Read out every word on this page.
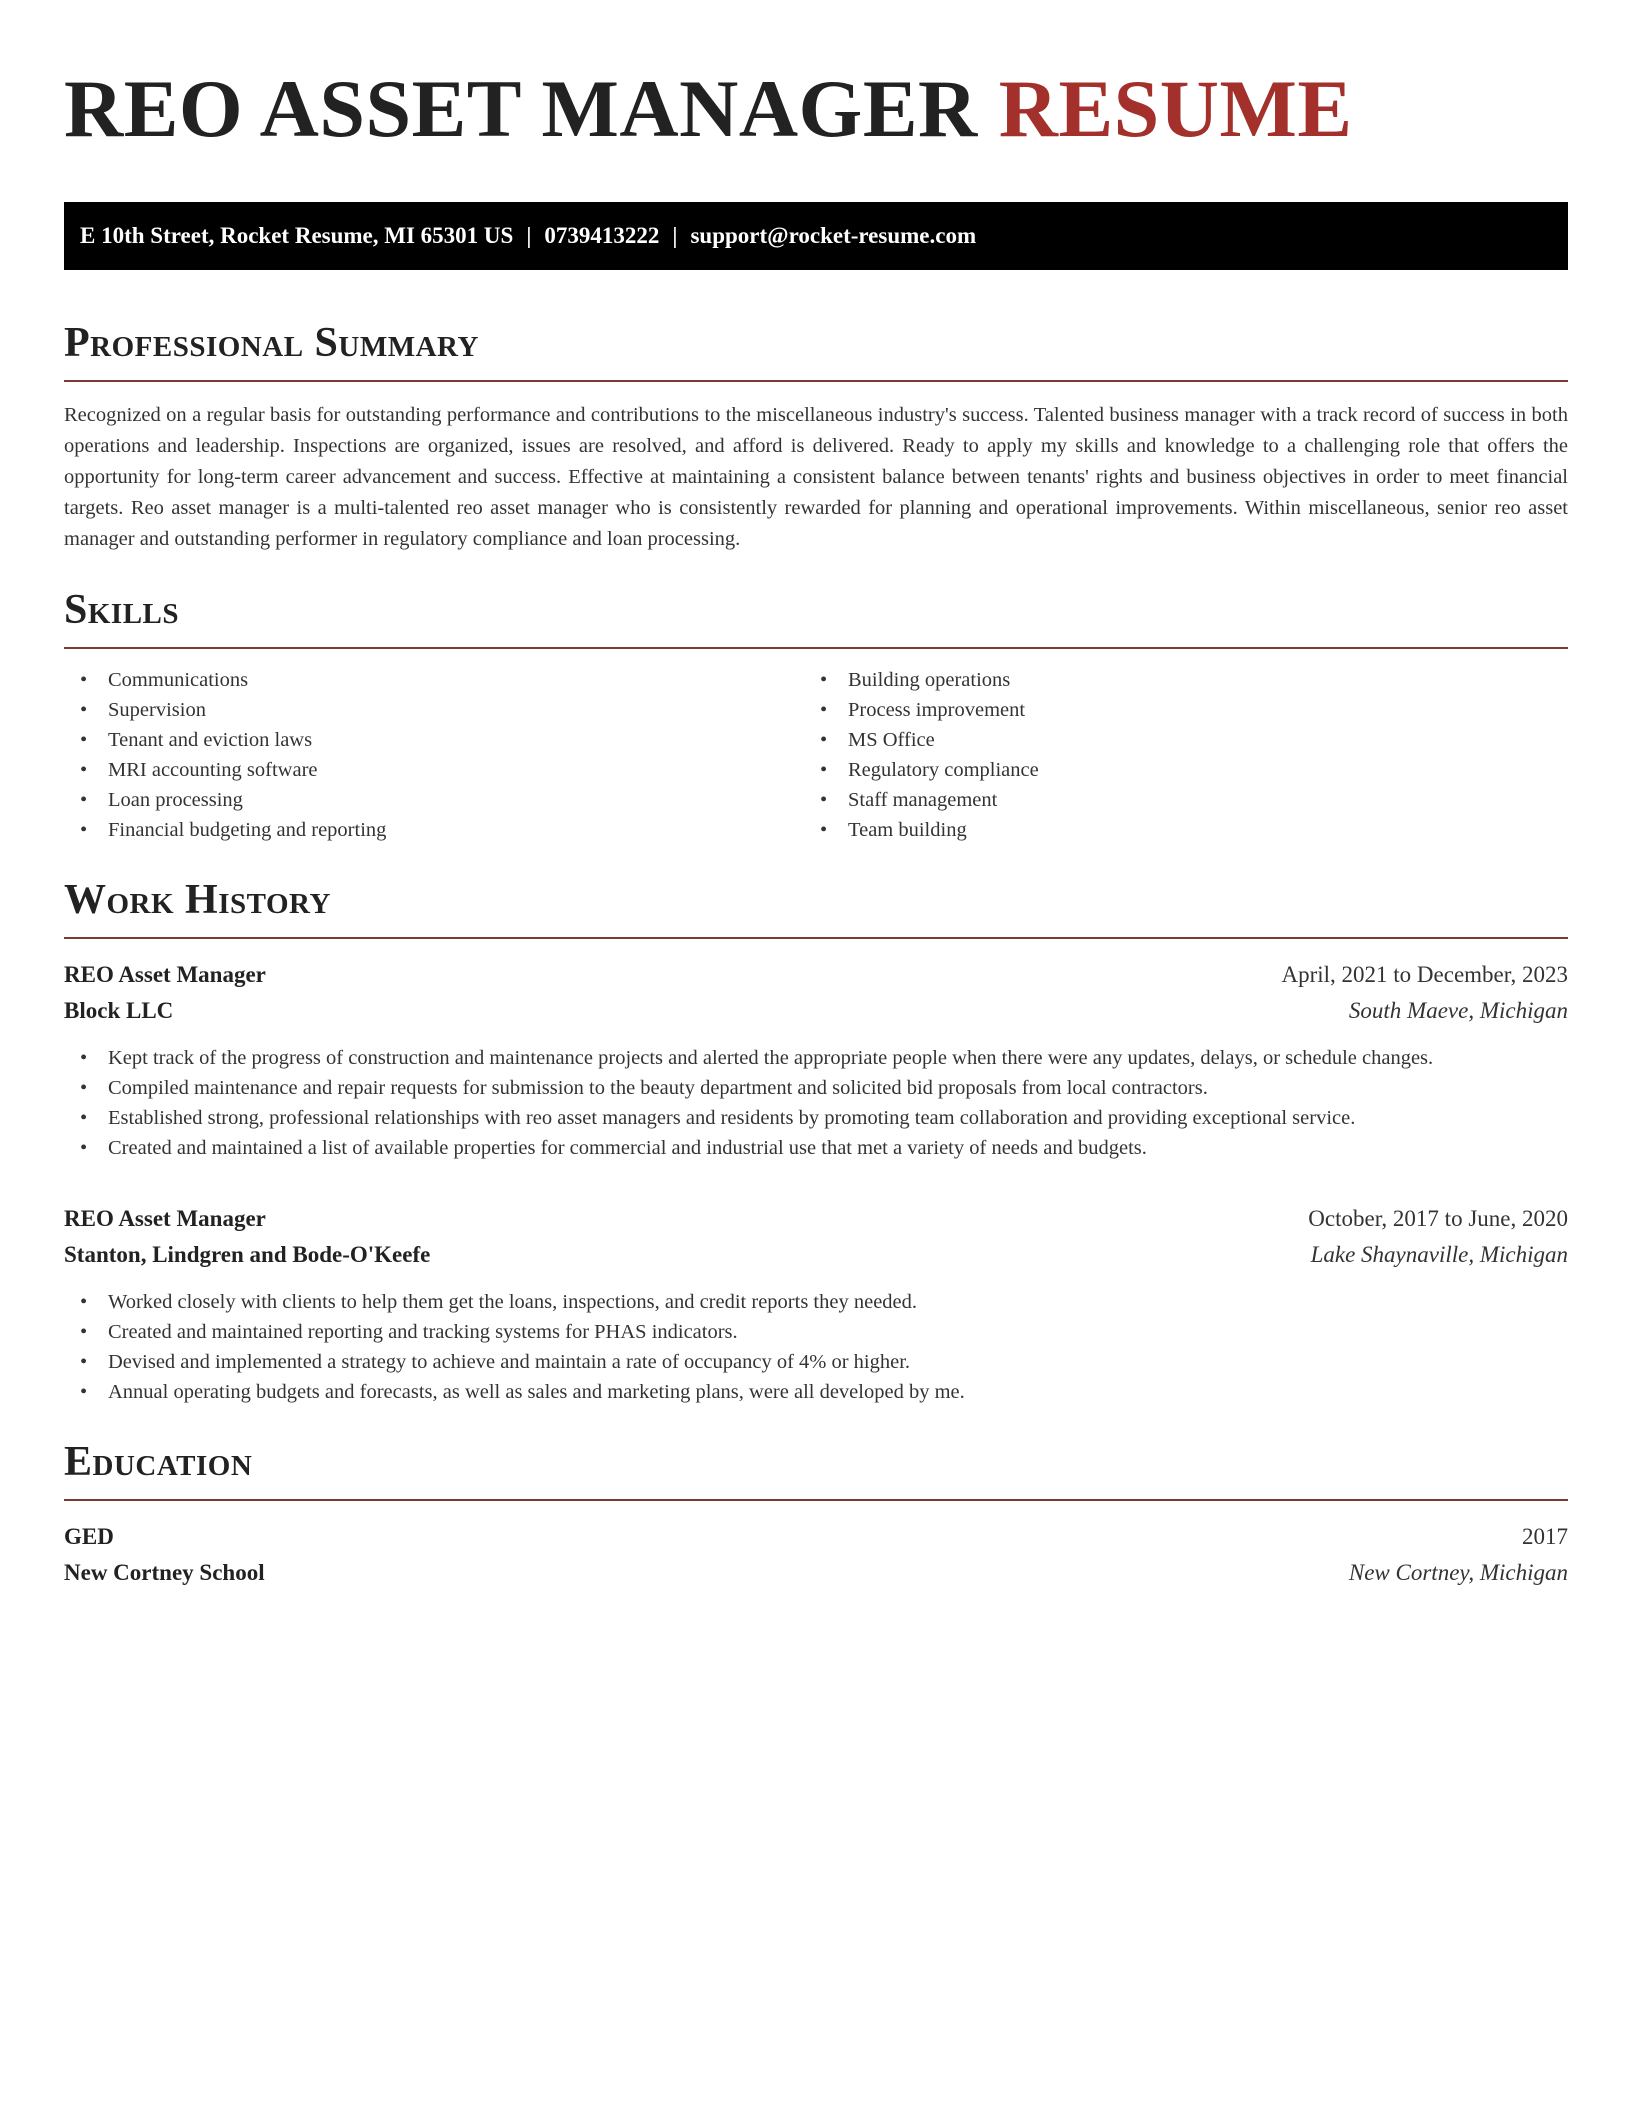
REO ASSET MANAGER RESUME
E 10th Street, Rocket Resume, MI 65301 US | 0739413222 | support@rocket-resume.com
Professional Summary

Recognized on a regular basis for outstanding performance and contributions to the miscellaneous industry's success. Talented business manager with a track record of success in both operations and leadership. Inspections are organized, issues are resolved, and afford is delivered. Ready to apply my skills and knowledge to a challenging role that offers the opportunity for long-term career advancement and success. Effective at maintaining a consistent balance between tenants' rights and business objectives in order to meet financial targets. Reo asset manager is a multi-talented reo asset manager who is consistently rewarded for planning and operational improvements. Within miscellaneous, senior reo asset manager and outstanding performer in regulatory compliance and loan processing.

Skills
• Communications
• Supervision
• Tenant and eviction laws
• MRI accounting software
• Loan processing
• Financial budgeting and reporting
• Building operations
• Process improvement
• MS Office
• Regulatory compliance
• Staff management
• Team building
Work History
REO Asset Manager	April, 2021 to December, 2023
Block LLC	South Maeve, Michigan
• Kept track of the progress of construction and maintenance projects and alerted the appropriate people when there were any updates, delays, or schedule changes.
• Compiled maintenance and repair requests for submission to the beauty department and solicited bid proposals from local contractors.
• Established strong, professional relationships with reo asset managers and residents by promoting team collaboration and providing exceptional service.
• Created and maintained a list of available properties for commercial and industrial use that met a variety of needs and budgets.
REO Asset Manager	October, 2017 to June, 2020
Stanton, Lindgren and Bode-O'Keefe	Lake Shaynaville, Michigan
• Worked closely with clients to help them get the loans, inspections, and credit reports they needed.
• Created and maintained reporting and tracking systems for PHAS indicators.
• Devised and implemented a strategy to achieve and maintain a rate of occupancy of 4% or higher.
• Annual operating budgets and forecasts, as well as sales and marketing plans, were all developed by me.
Education
GED	2017
New Cortney School	New Cortney, Michigan
